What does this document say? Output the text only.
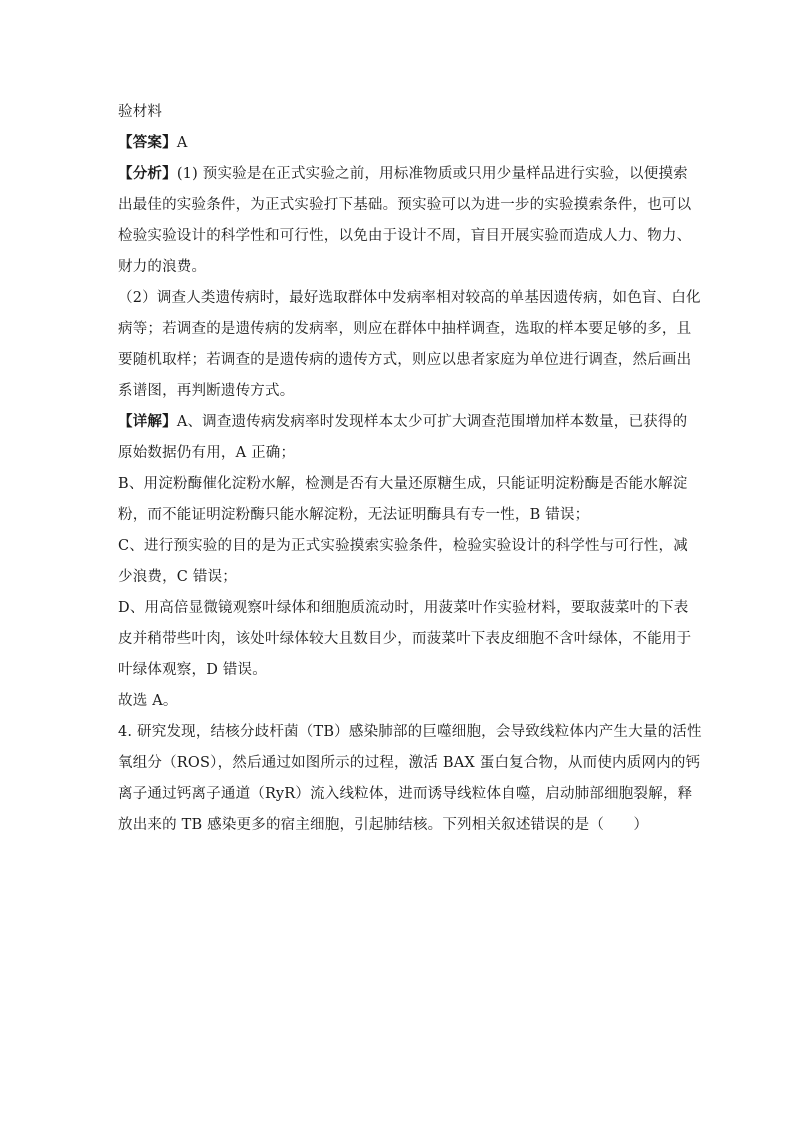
验材料
【答案】A
【分析】(1) 预实验是在正式实验之前，用标准物质或只用少量样品进行实验，以便摸索
出最佳的实验条件，为正式实验打下基础。预实验可以为进一步的实验摸索条件，也可以
检验实验设计的科学性和可行性，以免由于设计不周，盲目开展实验而造成人力、物力、
财力的浪费。
（2）调查人类遗传病时，最好选取群体中发病率相对较高的单基因遗传病，如色盲、白化
病等；若调查的是遗传病的发病率，则应在群体中抽样调查，选取的样本要足够的多，且
要随机取样；若调查的是遗传病的遗传方式，则应以患者家庭为单位进行调查，然后画出
系谱图，再判断遗传方式。
【详解】A、调查遗传病发病率时发现样本太少可扩大调查范围增加样本数量，已获得的
原始数据仍有用，A 正确；
B、用淀粉酶催化淀粉水解，检测是否有大量还原糖生成，只能证明淀粉酶是否能水解淀
粉，而不能证明淀粉酶只能水解淀粉，无法证明酶具有专一性，B 错误；
C、进行预实验的目的是为正式实验摸索实验条件，检验实验设计的科学性与可行性，减
少浪费，C 错误；
D、用高倍显微镜观察叶绿体和细胞质流动时，用菠菜叶作实验材料，要取菠菜叶的下表
皮并稍带些叶肉，该处叶绿体较大且数目少，而菠菜叶下表皮细胞不含叶绿体，不能用于
叶绿体观察，D 错误。
故选 A。
4. 研究发现，结核分歧杆菌（TB）感染肺部的巨噬细胞，会导致线粒体内产生大量的活性
氧组分（ROS），然后通过如图所示的过程，激活 BAX 蛋白复合物，从而使内质网内的钙
离子通过钙离子通道（RyR）流入线粒体，进而诱导线粒体自噬，启动肺部细胞裂解，释
放出来的 TB 感染更多的宿主细胞，引起肺结核。下列相关叙述错误的是（　　）
